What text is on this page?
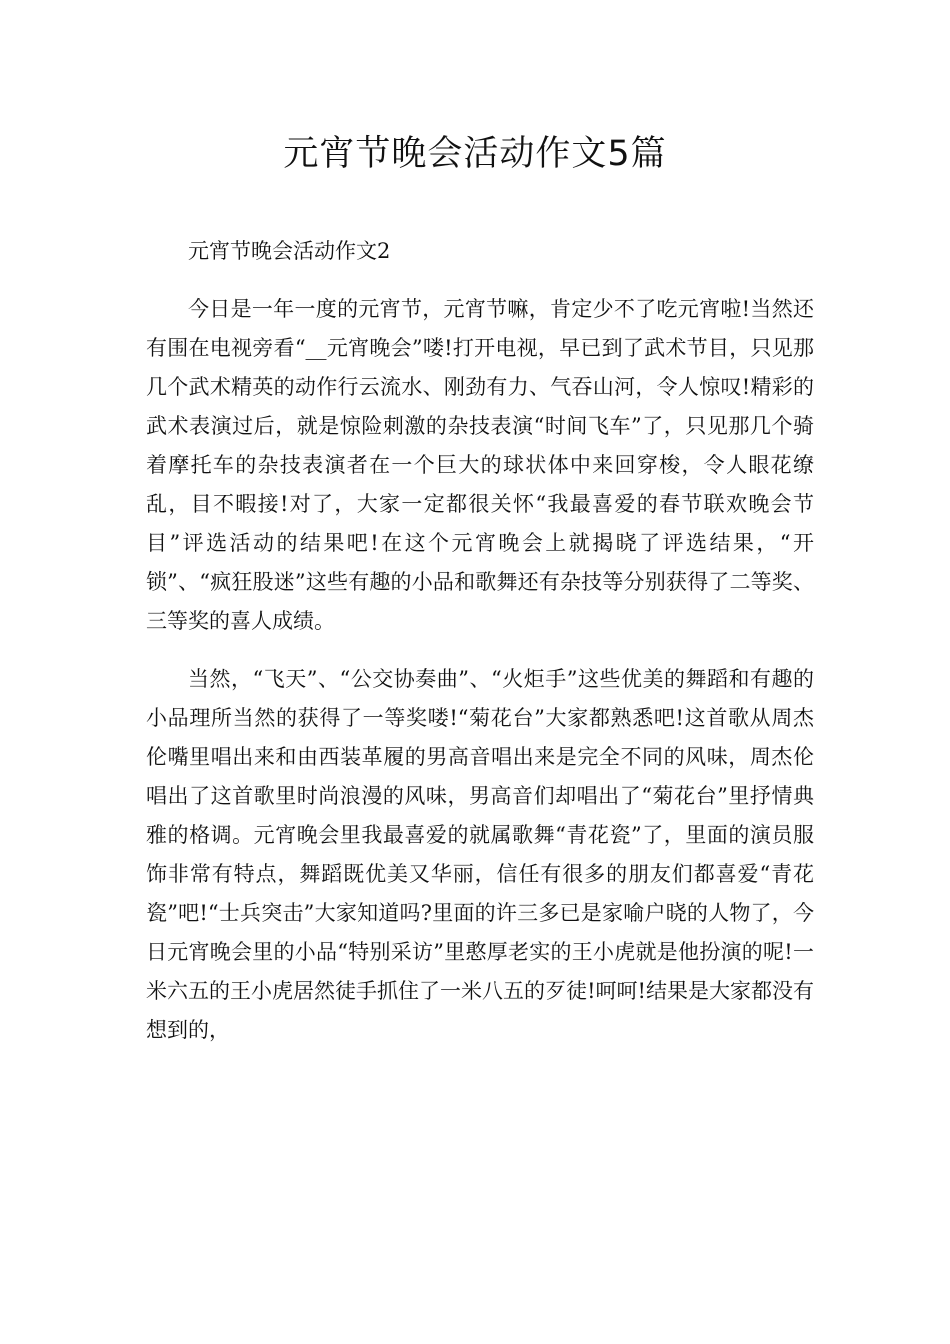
元宵节晚会活动作文5篇

元宵节晚会活动作文2

今日是一年一度的元宵节，元宵节嘛，肯定少不了吃元宵啦!当然还有围在电视旁看“__元宵晚会”喽!打开电视，早已到了武术节目，只见那几个武术精英的动作行云流水、刚劲有力、气吞山河，令人惊叹!精彩的武术表演过后，就是惊险刺激的杂技表演“时间飞车”了，只见那几个骑着摩托车的杂技表演者在一个巨大的球状体中来回穿梭，令人眼花缭乱，目不暇接!对了，大家一定都很关怀“我最喜爱的春节联欢晚会节目”评选活动的结果吧!在这个元宵晚会上就揭晓了评选结果，“开锁”、“疯狂股迷”这些有趣的小品和歌舞还有杂技等分别获得了二等奖、三等奖的喜人成绩。

当然，“飞天”、“公交协奏曲”、“火炬手”这些优美的舞蹈和有趣的小品理所当然的获得了一等奖喽!“菊花台”大家都熟悉吧!这首歌从周杰伦嘴里唱出来和由西装革履的男高音唱出来是完全不同的风味，周杰伦唱出了这首歌里时尚浪漫的风味，男高音们却唱出了“菊花台”里抒情典雅的格调。元宵晚会里我最喜爱的就属歌舞“青花瓷”了，里面的演员服饰非常有特点，舞蹈既优美又华丽，信任有很多的朋友们都喜爱“青花瓷”吧!“士兵突击”大家知道吗?里面的许三多已是家喻户晓的人物了，今日元宵晚会里的小品“特别采访”里憨厚老实的王小虎就是他扮演的呢!一米六五的王小虎居然徒手抓住了一米八五的歹徒!呵呵!结果是大家都没有想到的，
